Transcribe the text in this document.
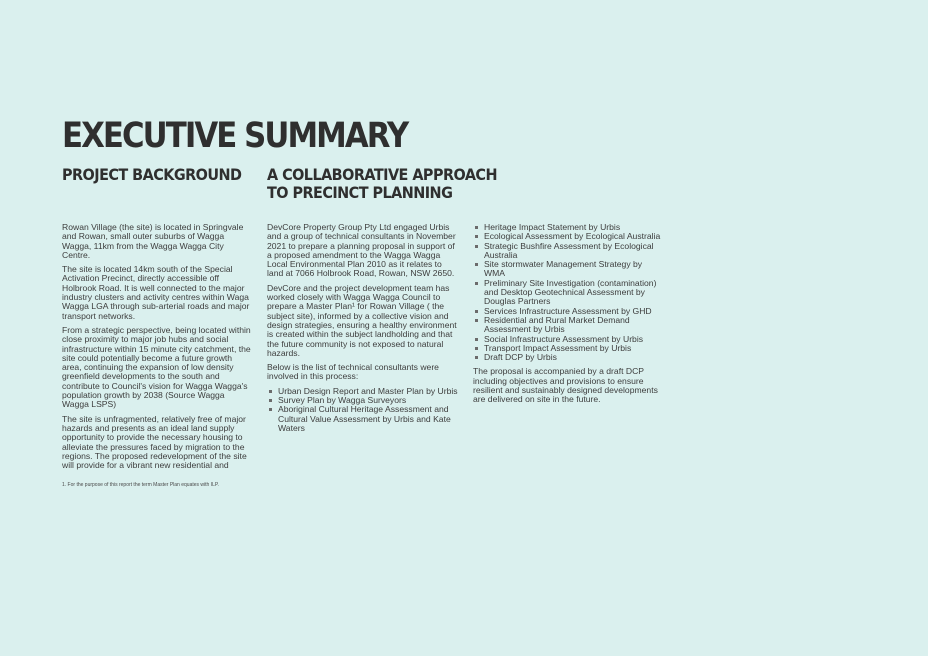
EXECUTIVE SUMMARY
PROJECT BACKGROUND A COLLABORATIVE APPROACH TO PRECINCT PLANNING

Rowan Village (the site) is located in Springvale and Rowan, small outer suburbs of Wagga Wagga, 11km from the Wagga Wagga City Centre.

The site is located 14km south of the Special Activation Precinct, directly accessible off Holbrook Road. It is well connected to the major industry clusters and activity centres within Waga Wagga LGA through sub-arterial roads and major transport networks.

From a strategic perspective, being located within close proximity to major job hubs and social infrastructure within 15 minute city catchment, the site could potentially become a future growth area, continuing the expansion of low density greenfield developments to the south and contribute to Council's vision for Wagga Wagga's population growth by 2038 (Source Wagga Wagga LSPS)

The site is unfragmented, relatively free of major hazards and presents as an ideal land supply opportunity to provide the necessary housing to alleviate the pressures faced by migration to the regions. The proposed redevelopment of the site will provide for a vibrant new residential and

DevCore Property Group Pty Ltd engaged Urbis and a group of technical consultants in November 2021 to prepare a planning proposal in support of a proposed amendment to the Wagga Wagga Local Environmental Plan 2010 as it relates to land at 7066 Holbrook Road, Rowan, NSW 2650.

DevCore and the project development team has worked closely with Wagga Wagga Council to prepare a Master Plan¹ for Rowan Village ( the subject site), informed by a collective vision and design strategies, ensuring a healthy environment is created within the subject landholding and that the future community is not exposed to natural hazards.

Below is the list of technical consultants were involved in this process:

Urban Design Report and Master Plan by Urbis
Survey Plan by Wagga Surveyors
Aboriginal Cultural Heritage Assessment and Cultural Value Assessment by Urbis and Kate Waters
Heritage Impact Statement by Urbis
Ecological Assessment by Ecological Australia
Strategic Bushfire Assessment by Ecological Australia
Site stormwater Management Strategy by WMA
Preliminary Site Investigation (contamination) and Desktop Geotechnical Assessment by Douglas Partners
Services Infrastructure Assessment by GHD
Residential and Rural Market Demand Assessment by Urbis
Social Infrastructure Assessment by Urbis
Transport Impact Assessment by Urbis
Draft DCP by Urbis

The proposal is accompanied by a draft DCP including objectives and provisions to ensure resilient and sustainably designed developments are delivered on site in the future.

1. For the purpose of this report the term Master Plan equates with ILP.
